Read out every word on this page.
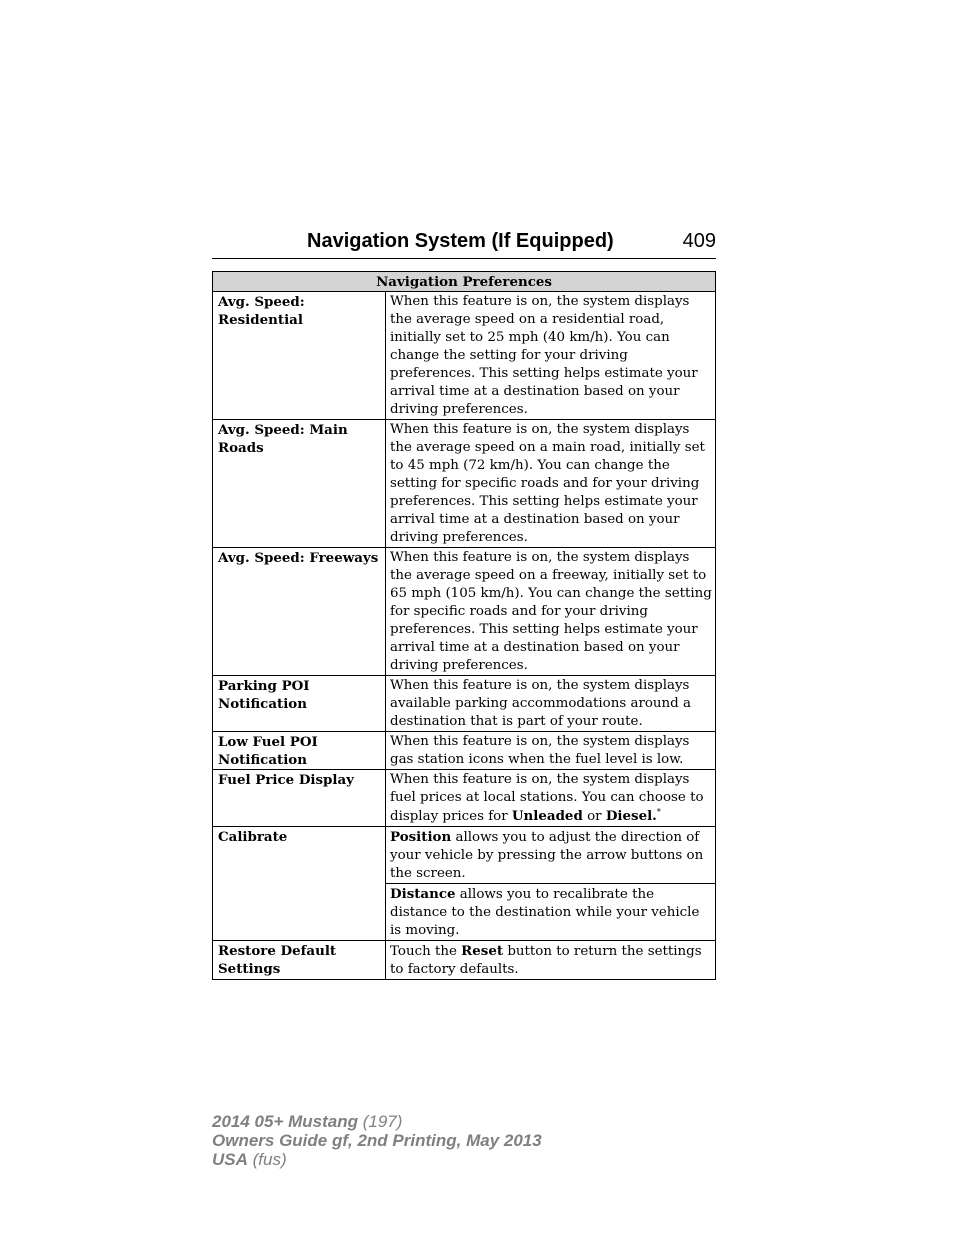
Navigation System (If Equipped)	409
Navigation Preferences	
Avg. Speed: Residential	When this feature is on, the system displays the average speed on a residential road, initially set to 25 mph (40 km/h). You can change the setting for your driving preferences. This setting helps estimate your arrival time at a destination based on your driving preferences.
Avg. Speed: Main Roads	When this feature is on, the system displays the average speed on a main road, initially set to 45 mph (72 km/h). You can change the setting for specific roads and for your driving preferences. This setting helps estimate your arrival time at a destination based on your driving preferences.
Avg. Speed: Freeways	When this feature is on, the system displays the average speed on a freeway, initially set to 65 mph (105 km/h). You can change the setting for specific roads and for your driving preferences. This setting helps estimate your arrival time at a destination based on your driving preferences.
Parking POI Notification	When this feature is on, the system displays available parking accommodations around a destination that is part of your route.
Low Fuel POI Notification	When this feature is on, the system displays gas station icons when the fuel level is low.
Fuel Price Display	When this feature is on, the system displays fuel prices at local stations. You can choose to display prices for Unleaded or Diesel.*
Calibrate	Position allows you to adjust the direction of your vehicle by pressing the arrow buttons on the screen.
	Distance allows you to recalibrate the distance to the destination while your vehicle is moving.
Restore Default Settings	Touch the Reset button to return the settings to factory defaults.
2014 05+ Mustang (197)
Owners Guide gf, 2nd Printing, May 2013
USA (fus)
